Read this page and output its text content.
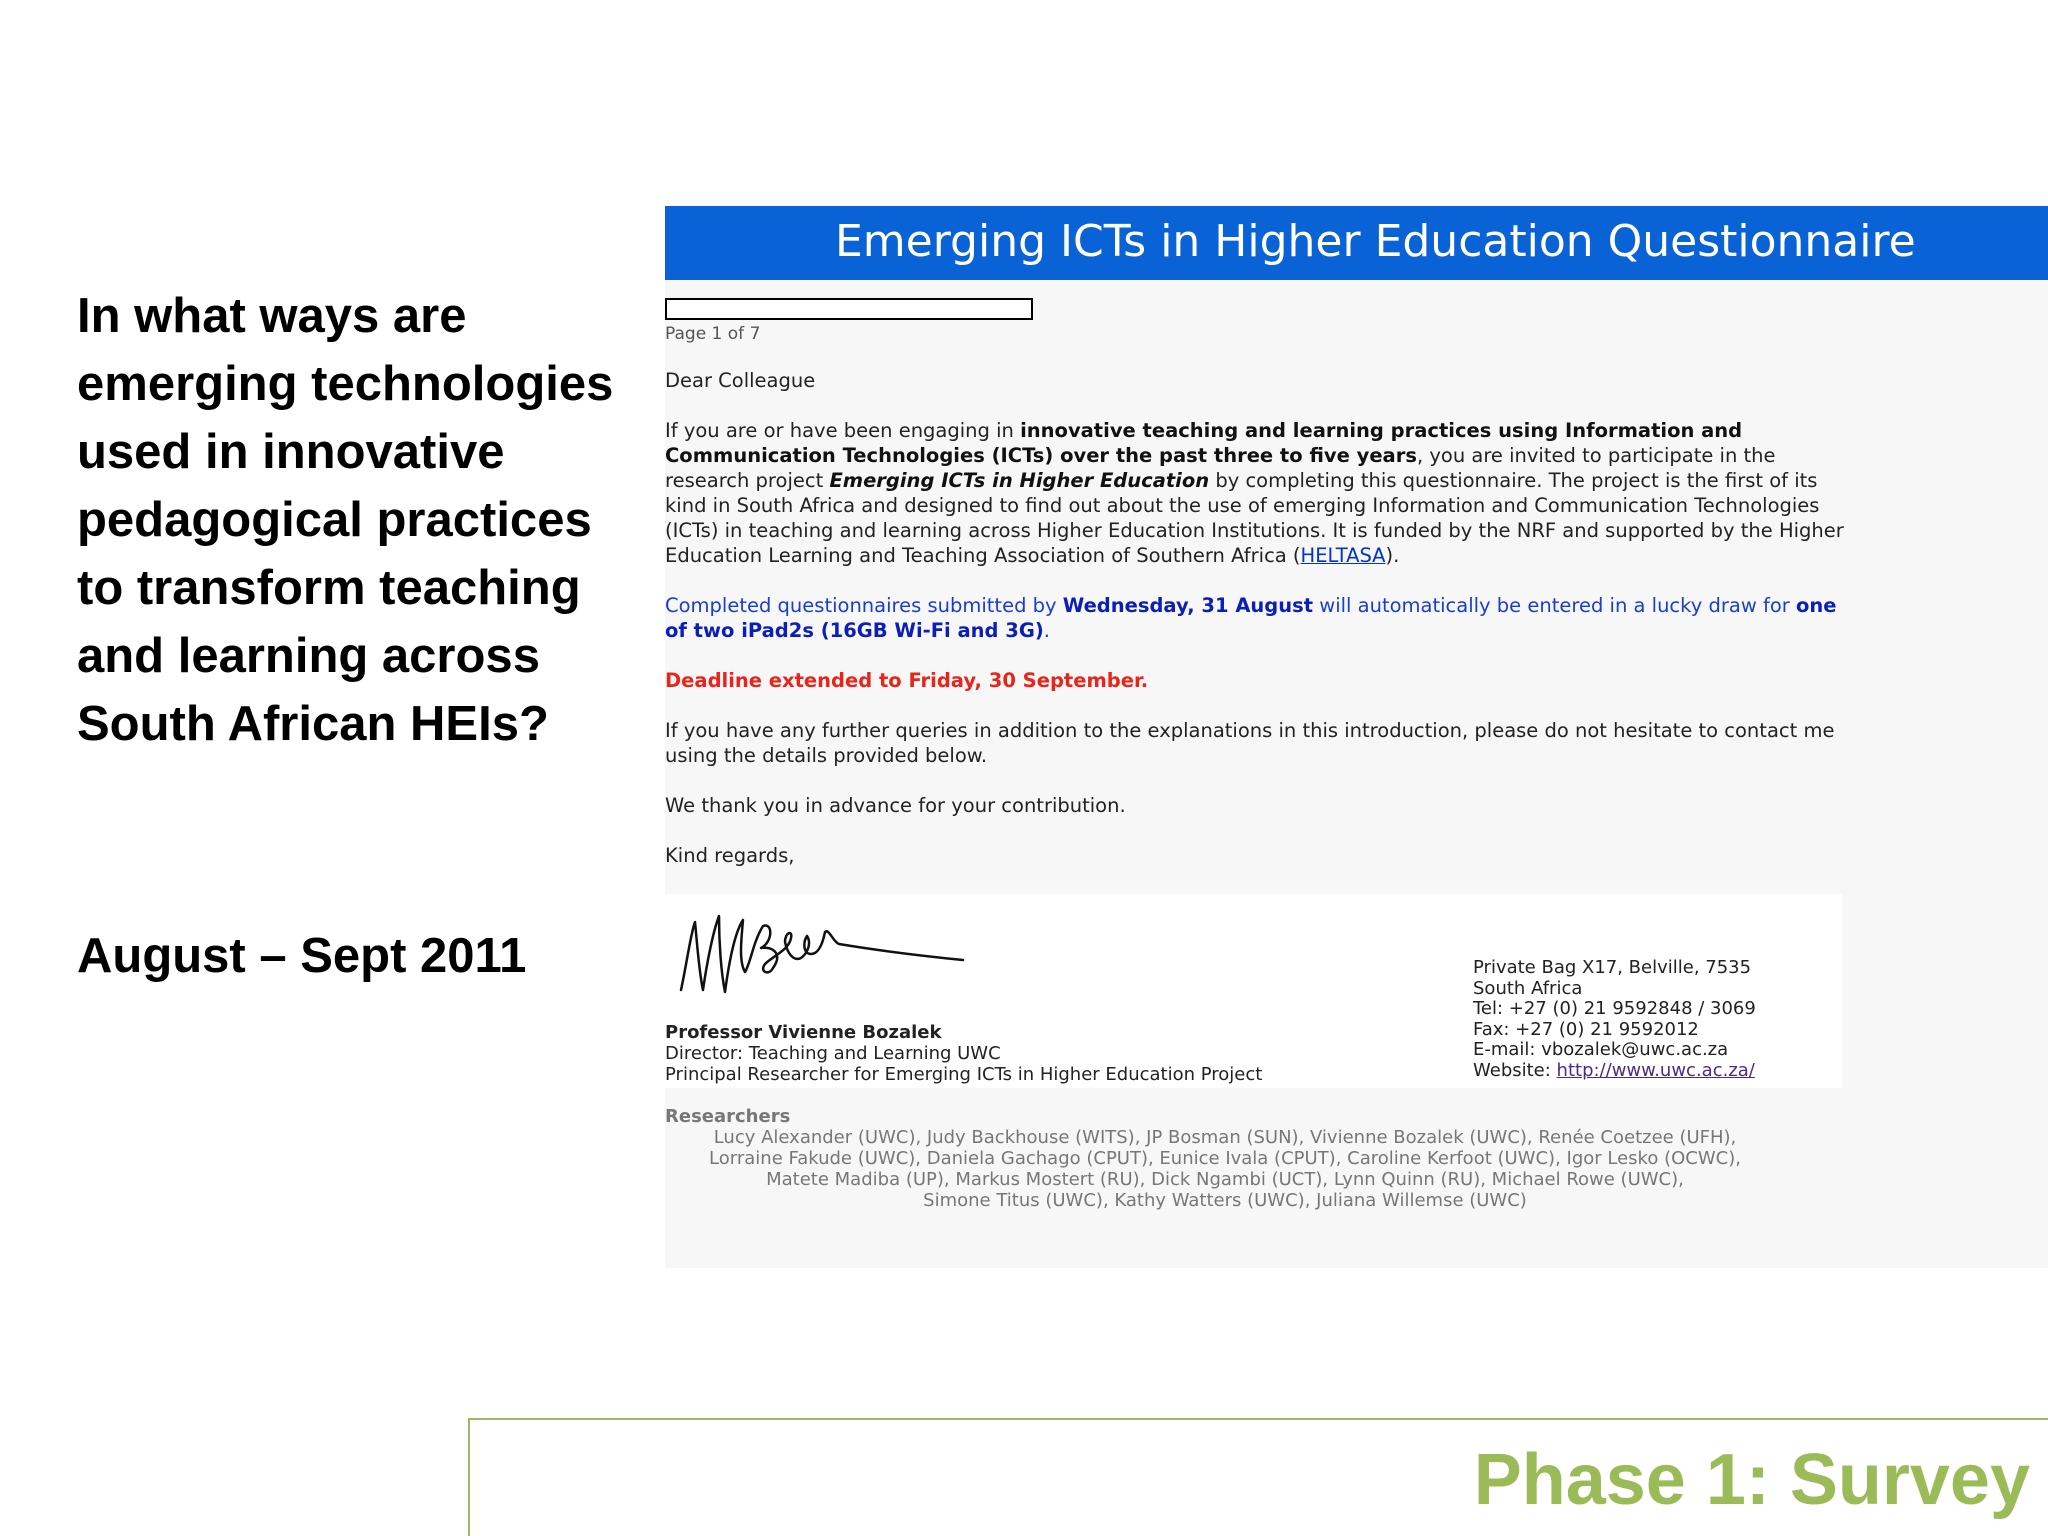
In what ways are emerging technologies used in innovative pedagogical practices to transform teaching and learning across South African HEIs?
August – Sept 2011
Emerging ICTs in Higher Education Questionnaire
Page 1 of 7
Dear Colleague
If you are or have been engaging in innovative teaching and learning practices using Information and Communication Technologies (ICTs) over the past three to five years, you are invited to participate in the research project Emerging ICTs in Higher Education by completing this questionnaire. The project is the first of its kind in South Africa and designed to find out about the use of emerging Information and Communication Technologies (ICTs) in teaching and learning across Higher Education Institutions. It is funded by the NRF and supported by the Higher Education Learning and Teaching Association of Southern Africa (HELTASA).
Completed questionnaires submitted by Wednesday, 31 August will automatically be entered in a lucky draw for one of two iPad2s (16GB Wi-Fi and 3G).
Deadline extended to Friday, 30 September.
If you have any further queries in addition to the explanations in this introduction, please do not hesitate to contact me using the details provided below.
We thank you in advance for your contribution.
Kind regards,
Professor Vivienne Bozalek
Director: Teaching and Learning UWC
Principal Researcher for Emerging ICTs in Higher Education Project
Private Bag X17, Belville, 7535
South Africa
Tel: +27 (0) 21 9592848 / 3069
Fax: +27 (0) 21 9592012
E-mail: vbozalek@uwc.ac.za
Website: http://www.uwc.ac.za/
Researchers
Lucy Alexander (UWC), Judy Backhouse (WITS), JP Bosman (SUN), Vivienne Bozalek (UWC), Renée Coetzee (UFH),
Lorraine Fakude (UWC), Daniela Gachago (CPUT), Eunice Ivala (CPUT), Caroline Kerfoot (UWC), Igor Lesko (OCWC),
Matete Madiba (UP), Markus Mostert (RU), Dick Ngambi (UCT), Lynn Quinn (RU), Michael Rowe (UWC),
Simone Titus (UWC), Kathy Watters (UWC), Juliana Willemse (UWC)
Phase 1: Survey
